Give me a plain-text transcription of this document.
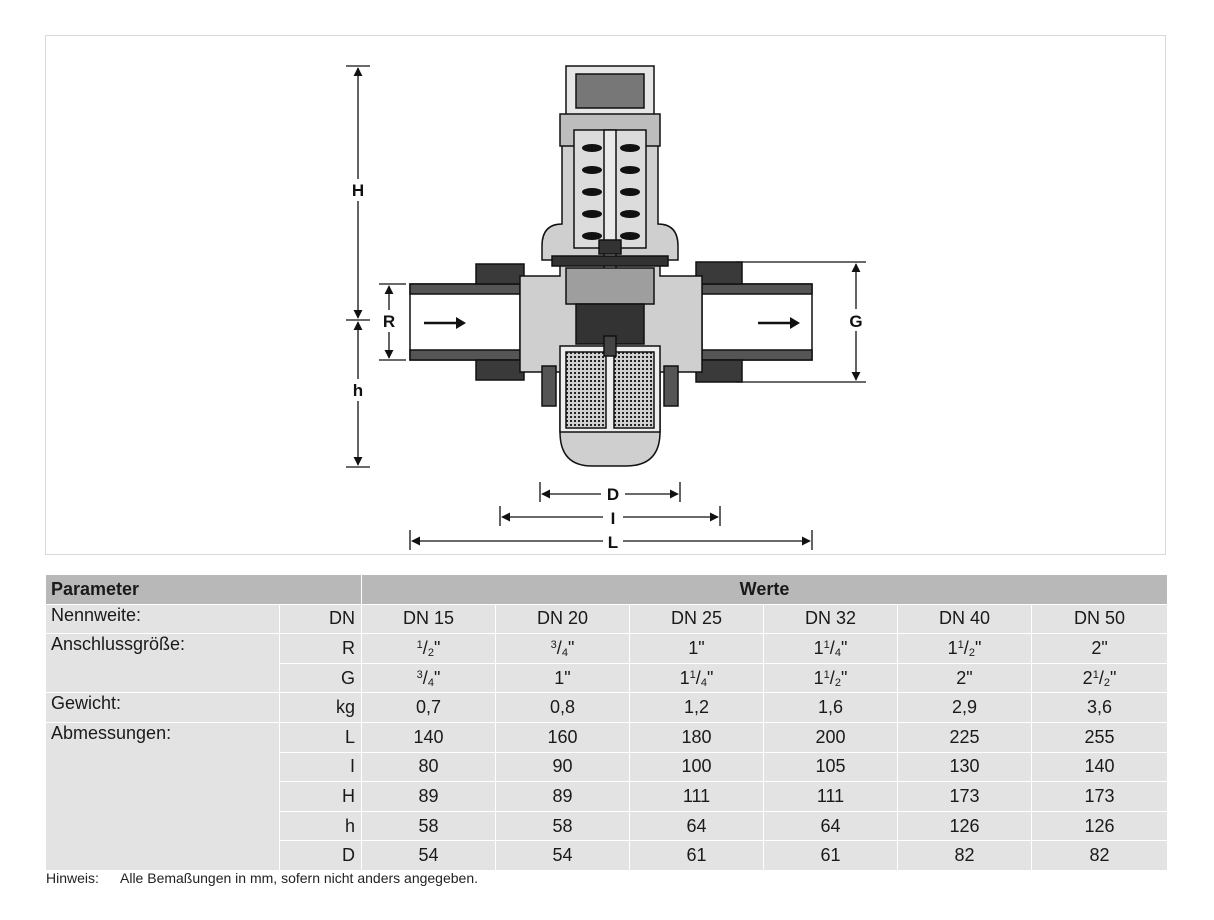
H
h
R	G
D
I
L
Parameter		Werte					
Nennweite:	DN	DN 15	DN 20	DN 25	DN 32	DN 40	DN 50
Anschlussgröße:	R	$^1/_2$"	$^3/_4$"	1"	$1^1/_4$"	$1^1/_2$"	2"
	G	$^3/_4$"	1"	$1^1/_4$"	$1^1/_2$"	2"	$2^1/_2$"
Gewicht:	kg	0,7	0,8	1,2	1,6	2,9	3,6
Abmessungen:	L	140	160	180	200	225	255
	I	80	90	100	105	130	140
	H	89	89	111	111	173	173
	h	58	58	64	64	126	126
	D	54	54	61	61	82	82
Hinweis: Alle Bemaßungen in mm, sofern nicht anders angegeben.
